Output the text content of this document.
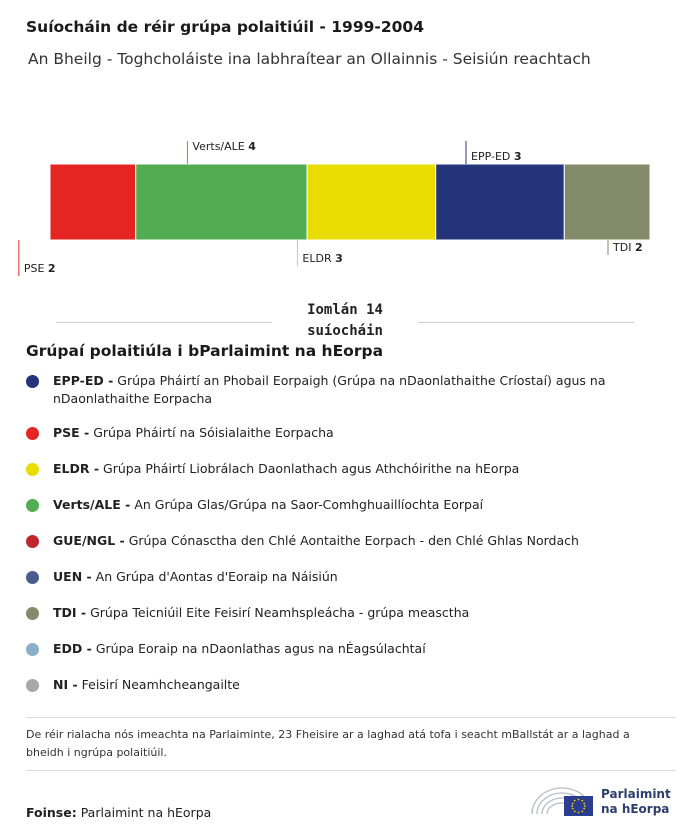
Suíocháin de réir grúpa polaitiúil - 1999-2004
An Bheilg - Toghcholáiste ina labhraítear an Ollainnis - Seisiún reachtach
PSE 2
Verts/ALE 4
ELDR 3
EPP-ED 3
TDI 2
Iomlán 14
suíocháin
Grúpaí polaitiúla i bParlaimint na hEorpa
EPP-ED - Grúpa Pháirtí an Phobail Eorpaigh (Grúpa na nDaonlathaithe Críostaí) agus na nDaonlathaithe Eorpacha
PSE - Grúpa Pháirtí na Sóisialaithe Eorpacha
ELDR - Grúpa Pháirtí Liobrálach Daonlathach agus Athchóirithe na hEorpa
Verts/ALE - An Grúpa Glas/Grúpa na Saor-Comhghuaillíochta Eorpaí
GUE/NGL - Grúpa Cónasctha den Chlé Aontaithe Eorpach - den Chlé Ghlas Nordach
UEN - An Grúpa d'Aontas d'Eoraip na Náisiún
TDI - Grúpa Teicniúil Eite Feisirí Neamhspleácha - grúpa measctha
EDD - Grúpa Eoraip na nDaonlathas agus na nÉagsúlachtaí
NI - Feisirí Neamhcheangailte
De réir rialacha nós imeachta na Parlaiminte, 23 Fheisire ar a laghad atá tofa i seacht mBallstát ar a laghad a bheidh i ngrúpa polaitiúil.
Foinse: Parlaimint na hEorpa
Parlaimint
na hEorpa
